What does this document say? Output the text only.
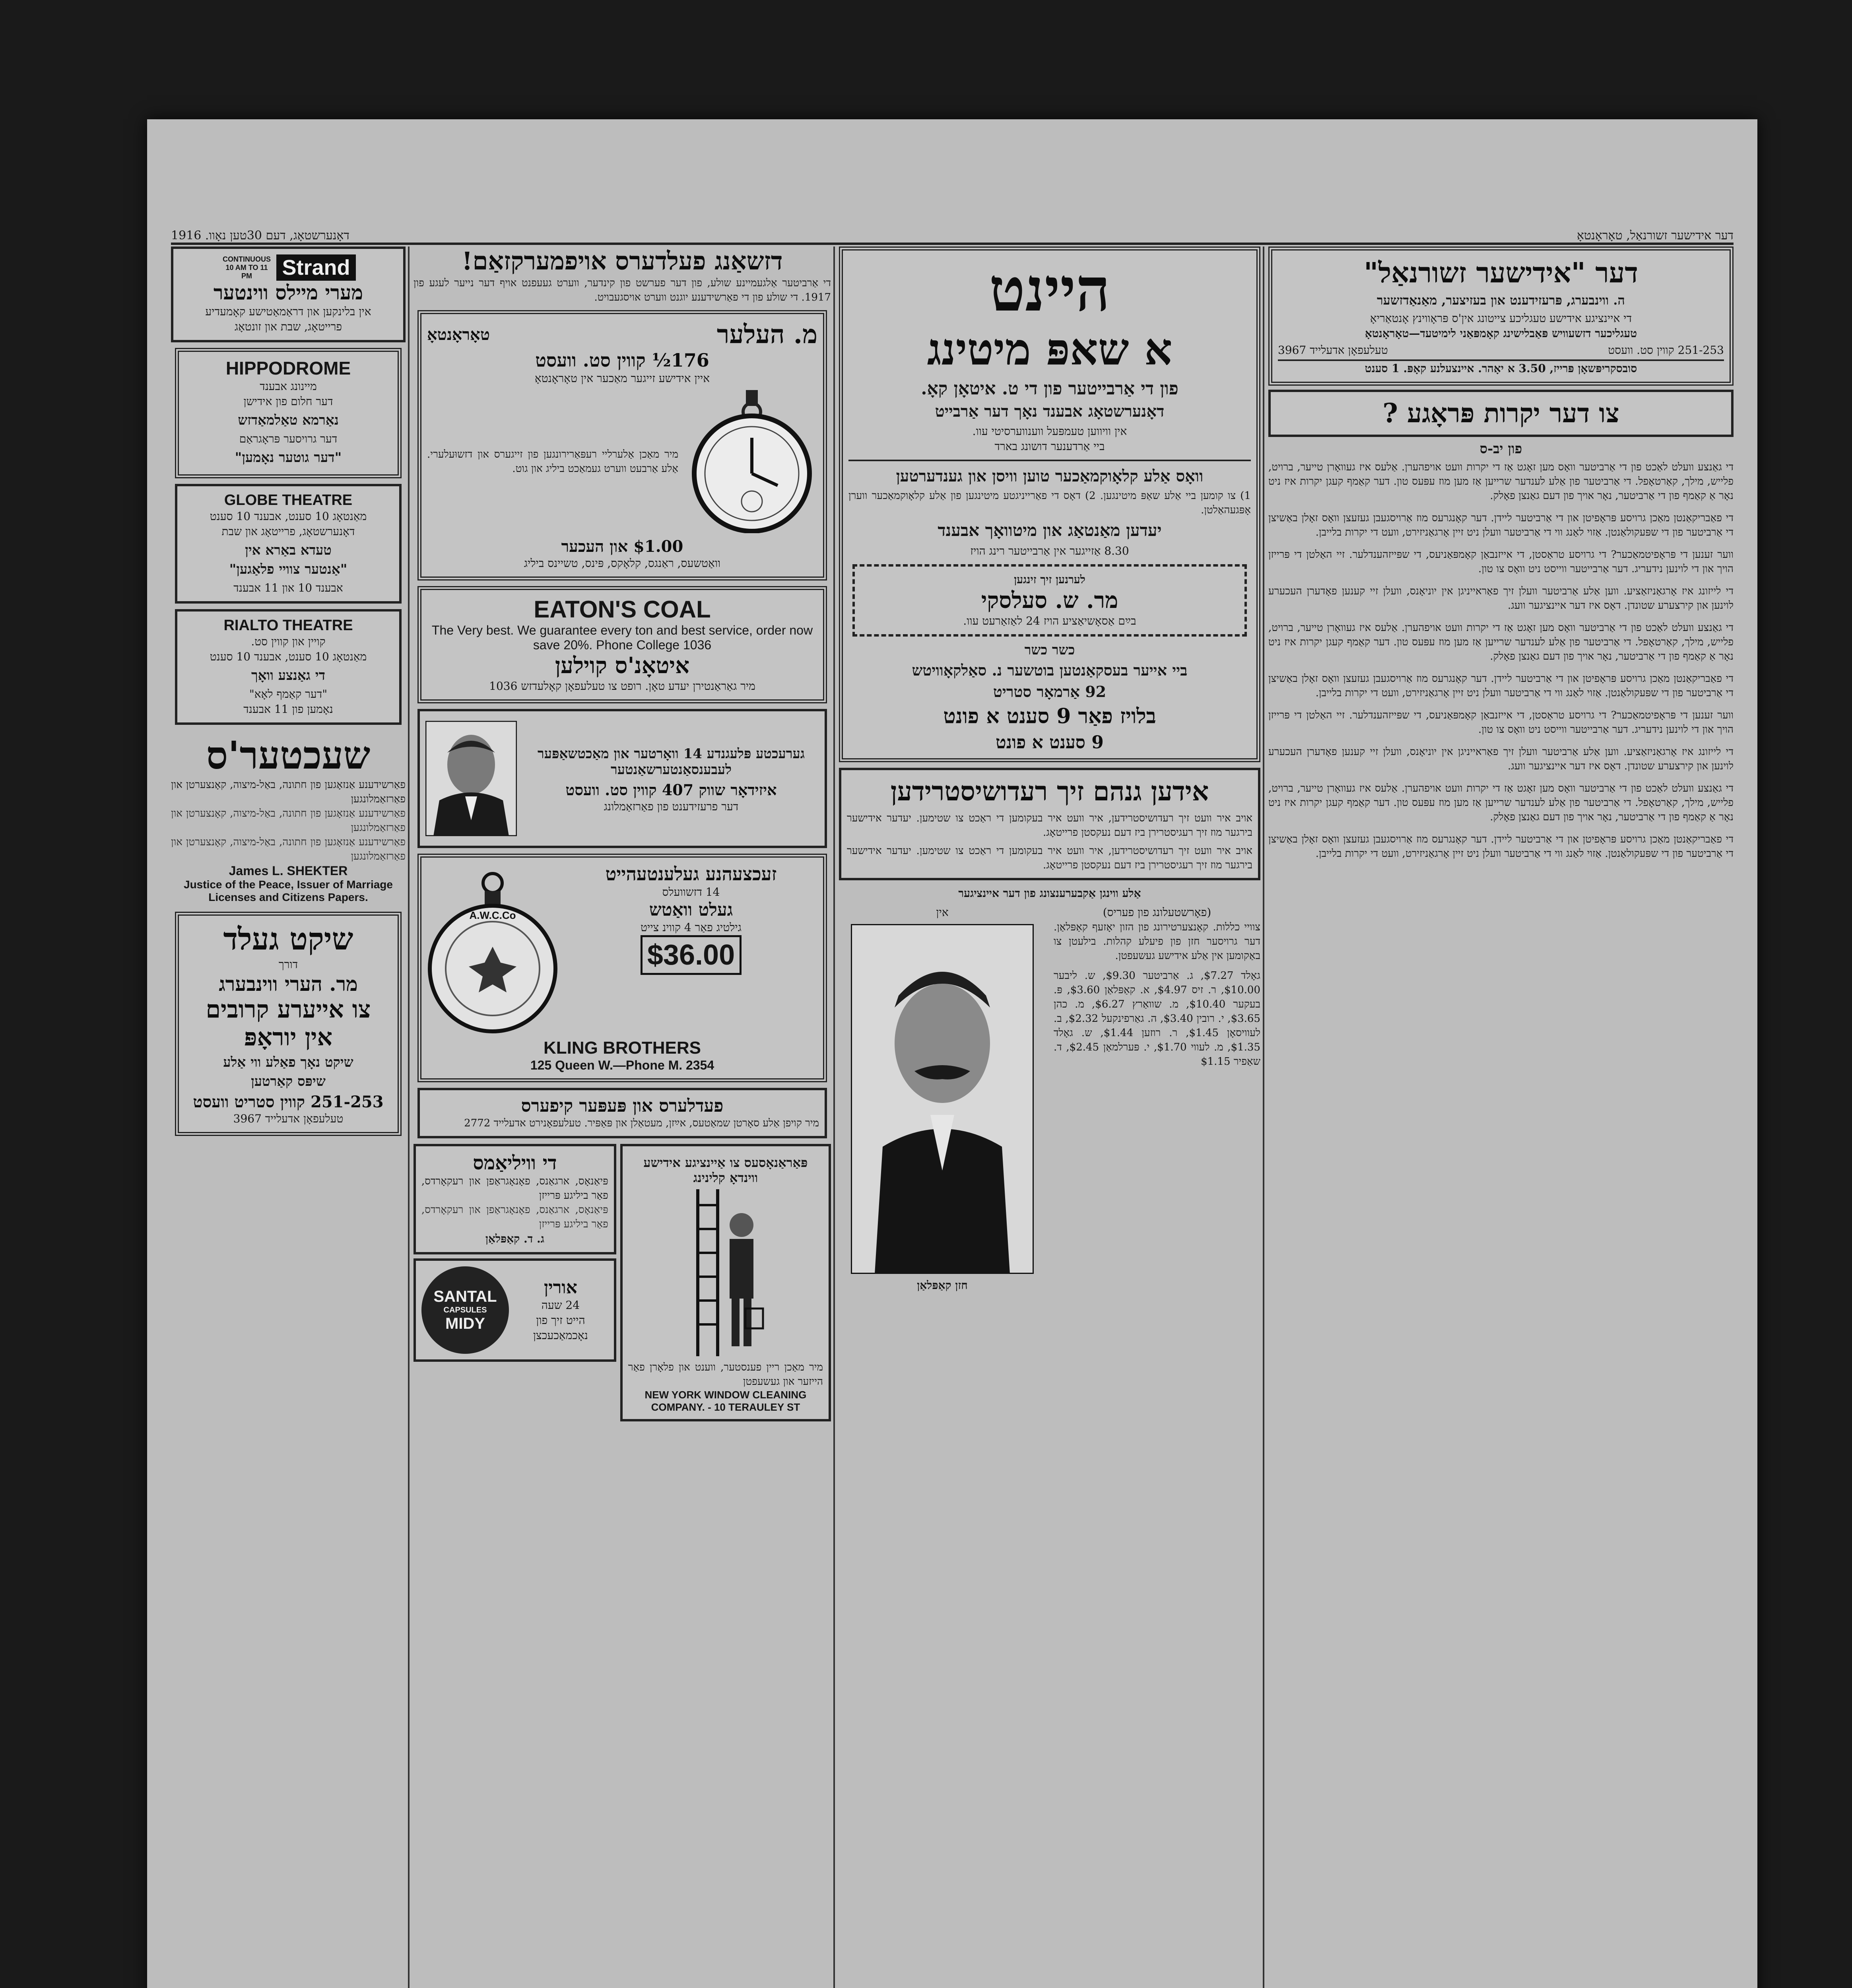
דער אידישער זשורנאַל, טאָראָנטאָ
דאָנערשטאָג, דעם 30טען נאָוו. 1916
דער "אידישער זשורנאַל"
ה. ווינבערג, פּרעזידענט און בעזיצער, מאַנאַדזשער
די איינציגע אידישע טעגליכע צייטונג אין'ס פּראָווינץ אָנטאַריאָ
טעגליכער דזשעוויש פּאַבלישינג קאָמפּאַני לימיטעד—טאָראָנטאָ
251-253 קווין סט. וועסט
טעלעפאָן אדעלייד 3967
סובסקריפּשאָן פּרייז, 3.50 א יאָהר. איינצעלנע קאָפּ. 1 סענט
צו דער יקרות פּראָגע ?
פון יב-ס

די גאַנצע וועלט לאַכט פון די אַרביטער וואָס מען זאָגט אַז די יקרות וועט אויפהערן. אַלעס איז געוואָרן טייער, ברויט, פלייש, מילך, קאַרטאָפל. די אַרביטער פון אַלע לענדער שרייען אַז מען מוז עפּעס טון. דער קאַמף קעגן יקרות איז ניט נאָר אַ קאַמף פון די אַרביטער, נאָר אויך פון דעם גאַנצן פאָלק.

די פאַבריקאַנטן מאַכן גרויסע פּראָפיטן און די אַרביטער ליידן. דער קאָנגרעס מוז אַרויסגעבן געזעצן וואָס זאָלן באַשיצן די אַרביטער פון די שפּעקולאַנטן. אַזוי לאַנג ווי די אַרביטער וועלן ניט זיין אָרגאַניזירט, וועט די יקרות בלייבן.

ווער זענען די פּראָפיטמאַכער? די גרויסע טראַסטן, די אייזנבאַן קאָמפּאַניעס, די שפּייזהענדלער. זיי האַלטן די פּרייזן הויך און די לוינען נידעריג. דער אַרבייטער ווייסט ניט וואָס צו טון.

די לייזונג איז אָרגאַניזאַציע. ווען אַלע אַרביטער וועלן זיך פאַראייניגן אין יוניאָנס, וועלן זיי קענען פאָדערן העכערע לוינען און קירצערע שטונדן. דאָס איז דער איינציגער וועג.

די גאַנצע וועלט לאַכט פון די אַרביטער וואָס מען זאָגט אַז די יקרות וועט אויפהערן. אַלעס איז געוואָרן טייער, ברויט, פלייש, מילך, קאַרטאָפל. די אַרביטער פון אַלע לענדער שרייען אַז מען מוז עפּעס טון. דער קאַמף קעגן יקרות איז ניט נאָר אַ קאַמף פון די אַרביטער, נאָר אויך פון דעם גאַנצן פאָלק.

די פאַבריקאַנטן מאַכן גרויסע פּראָפיטן און די אַרביטער ליידן. דער קאָנגרעס מוז אַרויסגעבן געזעצן וואָס זאָלן באַשיצן די אַרביטער פון די שפּעקולאַנטן. אַזוי לאַנג ווי די אַרביטער וועלן ניט זיין אָרגאַניזירט, וועט די יקרות בלייבן.

ווער זענען די פּראָפיטמאַכער? די גרויסע טראַסטן, די אייזנבאַן קאָמפּאַניעס, די שפּייזהענדלער. זיי האַלטן די פּרייזן הויך און די לוינען נידעריג. דער אַרבייטער ווייסט ניט וואָס צו טון.

די לייזונג איז אָרגאַניזאַציע. ווען אַלע אַרביטער וועלן זיך פאַראייניגן אין יוניאָנס, וועלן זיי קענען פאָדערן העכערע לוינען און קירצערע שטונדן. דאָס איז דער איינציגער וועג.

די גאַנצע וועלט לאַכט פון די אַרביטער וואָס מען זאָגט אַז די יקרות וועט אויפהערן. אַלעס איז געוואָרן טייער, ברויט, פלייש, מילך, קאַרטאָפל. די אַרביטער פון אַלע לענדער שרייען אַז מען מוז עפּעס טון. דער קאַמף קעגן יקרות איז ניט נאָר אַ קאַמף פון די אַרביטער, נאָר אויך פון דעם גאַנצן פאָלק.

די פאַבריקאַנטן מאַכן גרויסע פּראָפיטן און די אַרביטער ליידן. דער קאָנגרעס מוז אַרויסגעבן געזעצן וואָס זאָלן באַשיצן די אַרביטער פון די שפּעקולאַנטן. אַזוי לאַנג ווי די אַרביטער וועלן ניט זיין אָרגאַניזירט, וועט די יקרות בלייבן.

היינט
א שאפּ מיטינג
פון די אַרבייטער פון די ט. איטאָן קאָ.
דאָנערשטאָג אבענד נאָך דער אַרבייט
אין וויווען טעמפּעל ווענווערסיטי עוו.
ביי אַרדענער דושונג בארד
וואָס אַלע קלאָוקמאַכער טוען וויסן און גענדערטען

1) צו קומען ביי אַלע שאַפּ מיטינגען. 2) דאָס די פאַרייניגטע מיטינגען פון אַלע קלאָוקמאַכער ווערן אָפּגעהאַלטן.

יעדען מאַנטאַג און מיטוואָך אבענד
8.30 אַזייגער אין אַרבייטער רינג הויז
לערנען זיך זינגען
מר. ש. סעלסקי
בײַם אַסאָשיאַציע הויז 24 לאַזאַרעט עוו.
כשר כשר
ביי אייער בעסקאַנטען בוטשער נ. סאַלקאָוויטש
92 אַרמאָר סטריט
בלויז פאַר 9 סענט א פונט
9 סענט א פונט
אידען גנהם זיך רעדושיסטרידען

אויב איר וועט זיך רעדושיסטרידען, איר וועט איר בעקומען די ראַכט צו שטימען. יעדער אידישער בירגער מוז זיך רעגיסטרירן ביז דעם נעקסטן פרייטאָג.

אויב איר וועט זיך רעדושיסטרידען, איר וועט איר בעקומען די ראַכט צו שטימען. יעדער אידישער בירגער מוז זיך רעגיסטרירן ביז דעם נעקסטן פרייטאָג.

אַלע ווינגן אַקבערענצונג פון דער איינציגער
(פאָרשטעלונג פון פעריס)

צוויי כללות. קאָנצערטירונג פון הזון יאָזעף קאַפּלאַן. דער גרויסער חזן פון פיעלע קהלות. בילעטן צו באַקומען אין אַלע אידישע געשעפטן.

גאָלד $7.27, ג. אַרביטער $9.30, ש. ליבער $10.00, ר. זיס $4.97, א. קאַפּלאַן $3.60, פּ. בעקער $10.40, מ. שוואַרץ $6.27, מ. כהן $3.65, י. רובין $3.40, ה. גאַרפינקעל $2.32, ב. לעוויסאָן $1.45, ר. רוזען $1.44, ש. גאָלד $1.35, מ. לעווי $1.70, י. פּערלמאַן $2.45, ד. שאַפיר $1.15

אין
חזן קאַפּלאַן
דזשאַנג פעלדערס אויפמערקזאַם!

די אַרביטער אַלגעמיינע שולע, פון דער פערשט פון קינדער, ווערט געעפנט אויף דער נייער לעגע פון 1917. די שולע פון די פאַרשידענע יוגנט ווערט אויסגעבויט.

מ. העלער
טאָראָנטאָ
176½ קווין סט. וועסט
איין אידישע זייגער מאַכער אין טאָראָנטאָ

מיר מאַכן אַלערליי רעפּאַרירונגען פון זייגערס און דזשוּעלערי. אַלע אַרבעט ווערט געמאַכט ביליג און גוט.

$1.00 און העכער
וואַטשעס, ראַנגס, קלאָקס, פּינס, טשיינס ביליג
EATON'S COAL
The Very best. We guarantee every ton and best service, order now save 20%. Phone College 1036
איטאָנ'ס קוילען
מיר גאַראַנטירן יעדע טאָן. רופט צו טעלעפאָן קאָלעדזש 1036
גערעכטע פּלעגנדע 14 וואָרטער און מאַכטשאַפּער לעבענסאַנטערשאַנטער
איזידאָר שווק 407 קווין סט. וועסט
דער פרעזידענט פון פאַרזאַמלונג
זעכצעהנע געלענטעהייט
14 דזשוועלס
געלט וואַטש
גילטיג פאַר 4 קווינ צייט
$36.00
A.W.C.Co
KLING BROTHERS
125 Queen W.—Phone M. 2354
פעדלערס און פּעפּער קיפערס

מיר קויפן אַלע סאָרטן שמאַטעס, אײַזן, מעטאַלן און פּאַפּיר. טעלעפאָנירט אדעלייד 2772

פּאַראַנאָסעס צו אַיינציגע אידישע ווינדאָ קלינינג

מיר מאַכן ריין פענסטער, ווענט און פלאָרן פאַר הייזער און געשעפטן

NEW YORK WINDOW CLEANING COMPANY. - 10 TERAULEY ST
די וויליאַמס

פּיאַנאָס, ארגאַנס, פאָנאָגראַפן און רעקאָרדס, פאַר ביליגע פּרייזן

פּיאַנאָס, ארגאַנס, פאָנאָגראַפן און רעקאָרדס, פאַר ביליגע פּרייזן

ג. ד. קאַפּלאַן
אורין
24 שעה
הייט זיך פון נאָכמאַכעכצן
SANTAL
CAPSULES
MIDY
Strand
CONTINUOUS 10 AM TO 11 PM
מערי מיילס ווינטער
אין בלינקען און דראַמאַטישע קאָמעדיע
פרייטאָג, שבת און זונטאָג
HIPPODROME
מיינונג אבענד
דער חלום פון אידישן
נאַרמא טאַלמאַדזש
דער גרויסער פּראָגראַם
"דער גוטער נאָמען"
GLOBE THEATRE
מאַנטאָג 10 סענט, אבענד 10 סענט
דאָנערשטאָג, פרייטאָג און שבת
טעדא באַרא אין
"אַנטער צוויי פלאַגען"
אבענד 10 און 11 אבענד
RIALTO THEATRE
קויין און קווין סט.
מאַנטאָג 10 סענט, אבענד 10 סענט
די גאַנצע וואָך
"דער קאַמף לאָא"
נאָמען פון 11 אבענד
שעכטער'ס

פאַרשידענע אַנזאָגען פון חתונה, באַל-מיצוה, קאָנצערטן און פאַרזאַמלונגען

פאַרשידענע אַנזאָגען פון חתונה, באַל-מיצוה, קאָנצערטן און פאַרזאַמלונגען

פאַרשידענע אַנזאָגען פון חתונה, באַל-מיצוה, קאָנצערטן און פאַרזאַמלונגען

James L. SHEKTER
Justice of the Peace, Issuer of Marriage Licenses and Citizens Papers.
שיקט געלד
דורך
מר. הערי ווינבערג
צו אייערע קרובים
אין יוראָפּ
שיקט נאָך פאַלע ווי אַלע
שיפּס קאַרטען
251-253 קווין סטריט וועסט
טעלעפאָן אדעלייד 3967
